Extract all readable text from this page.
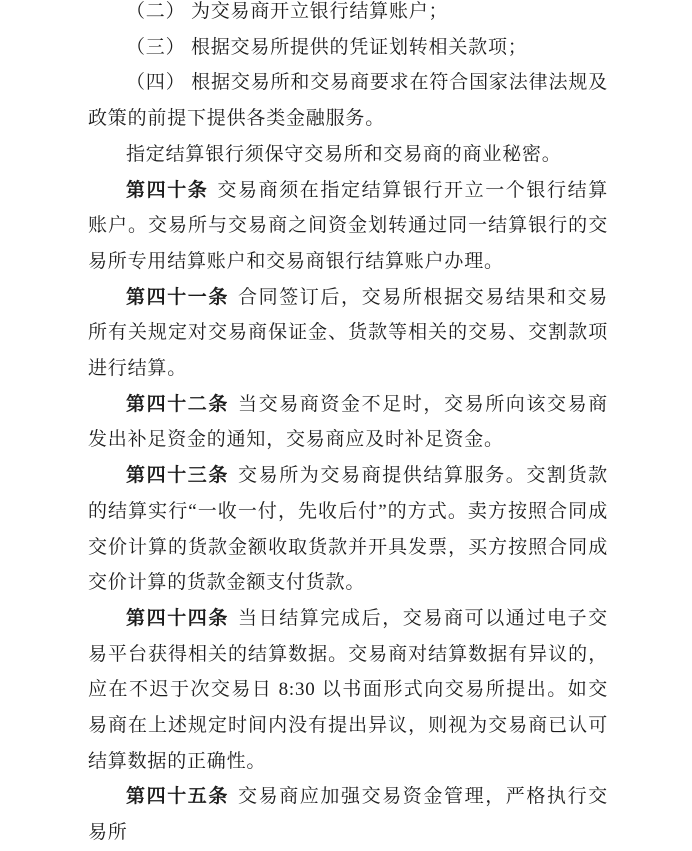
（二） 为交易商开立银行结算账户；

（三） 根据交易所提供的凭证划转相关款项；

（四） 根据交易所和交易商要求在符合国家法律法规及政策的前提下提供各类金融服务。

指定结算银行须保守交易所和交易商的商业秘密。

第四十条 交易商须在指定结算银行开立一个银行结算账户。交易所与交易商之间资金划转通过同一结算银行的交易所专用结算账户和交易商银行结算账户办理。

第四十一条 合同签订后，交易所根据交易结果和交易所有关规定对交易商保证金、货款等相关的交易、交割款项进行结算。

第四十二条 当交易商资金不足时，交易所向该交易商发出补足资金的通知，交易商应及时补足资金。

第四十三条 交易所为交易商提供结算服务。交割货款的结算实行“一收一付，先收后付”的方式。卖方按照合同成交价计算的货款金额收取货款并开具发票，买方按照合同成交价计算的货款金额支付货款。

第四十四条 当日结算完成后，交易商可以通过电子交易平台获得相关的结算数据。交易商对结算数据有异议的，应在不迟于次交易日 8:30 以书面形式向交易所提出。如交易商在上述规定时间内没有提出异议，则视为交易商已认可结算数据的正确性。

第四十五条 交易商应加强交易资金管理，严格执行交易所
